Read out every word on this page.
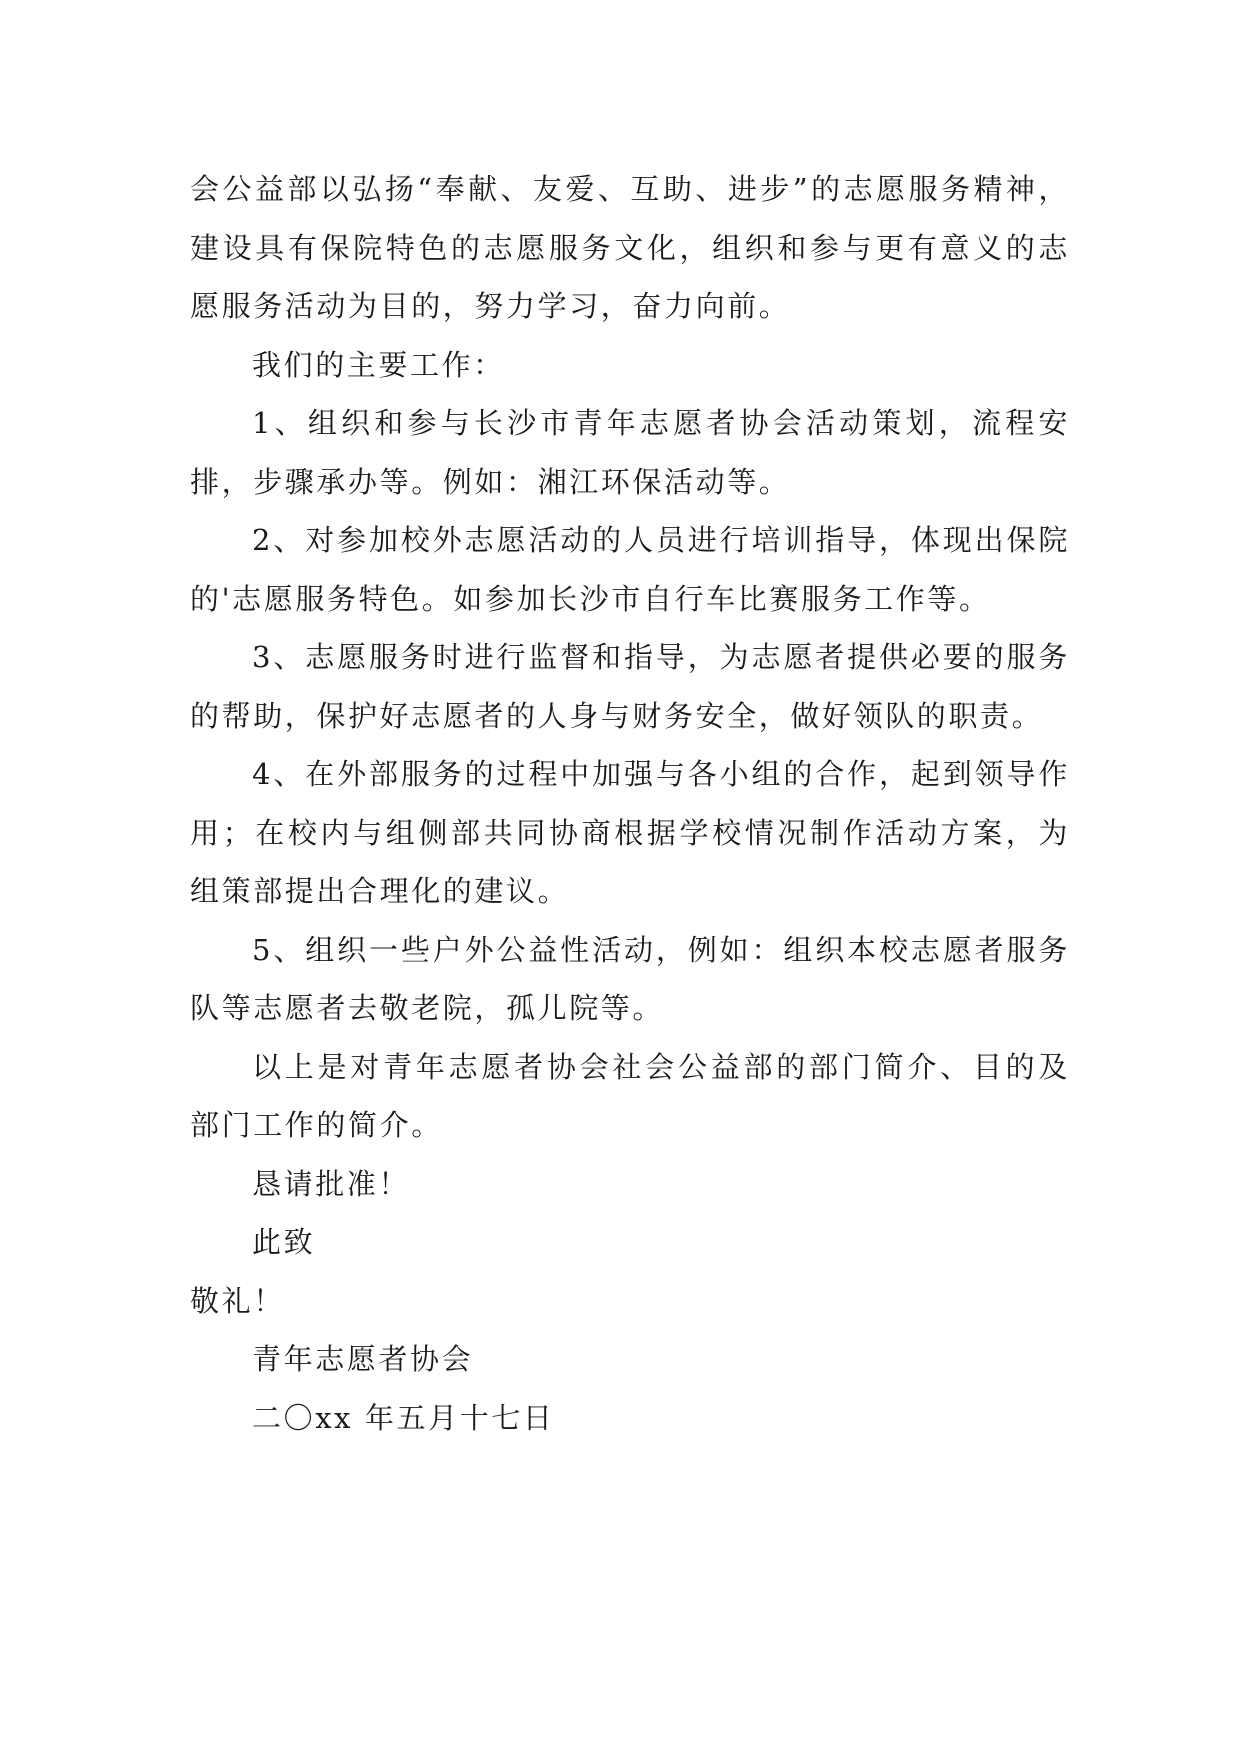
会公益部以弘扬“奉献、友爱、互助、进步”的志愿服务精神，建设具有保院特色的志愿服务文化，组织和参与更有意义的志愿服务活动为目的，努力学习，奋力向前。

我们的主要工作：

1、组织和参与长沙市青年志愿者协会活动策划，流程安排，步骤承办等。例如：湘江环保活动等。

2、对参加校外志愿活动的人员进行培训指导，体现出保院的'志愿服务特色。如参加长沙市自行车比赛服务工作等。

3、志愿服务时进行监督和指导，为志愿者提供必要的服务的帮助，保护好志愿者的人身与财务安全，做好领队的职责。

4、在外部服务的过程中加强与各小组的合作，起到领导作用；在校内与组侧部共同协商根据学校情况制作活动方案，为组策部提出合理化的建议。

5、组织一些户外公益性活动，例如：组织本校志愿者服务队等志愿者去敬老院，孤儿院等。

以上是对青年志愿者协会社会公益部的部门简介、目的及部门工作的简介。

恳请批准！

此致

敬礼！

青年志愿者协会

二〇xx 年五月十七日
